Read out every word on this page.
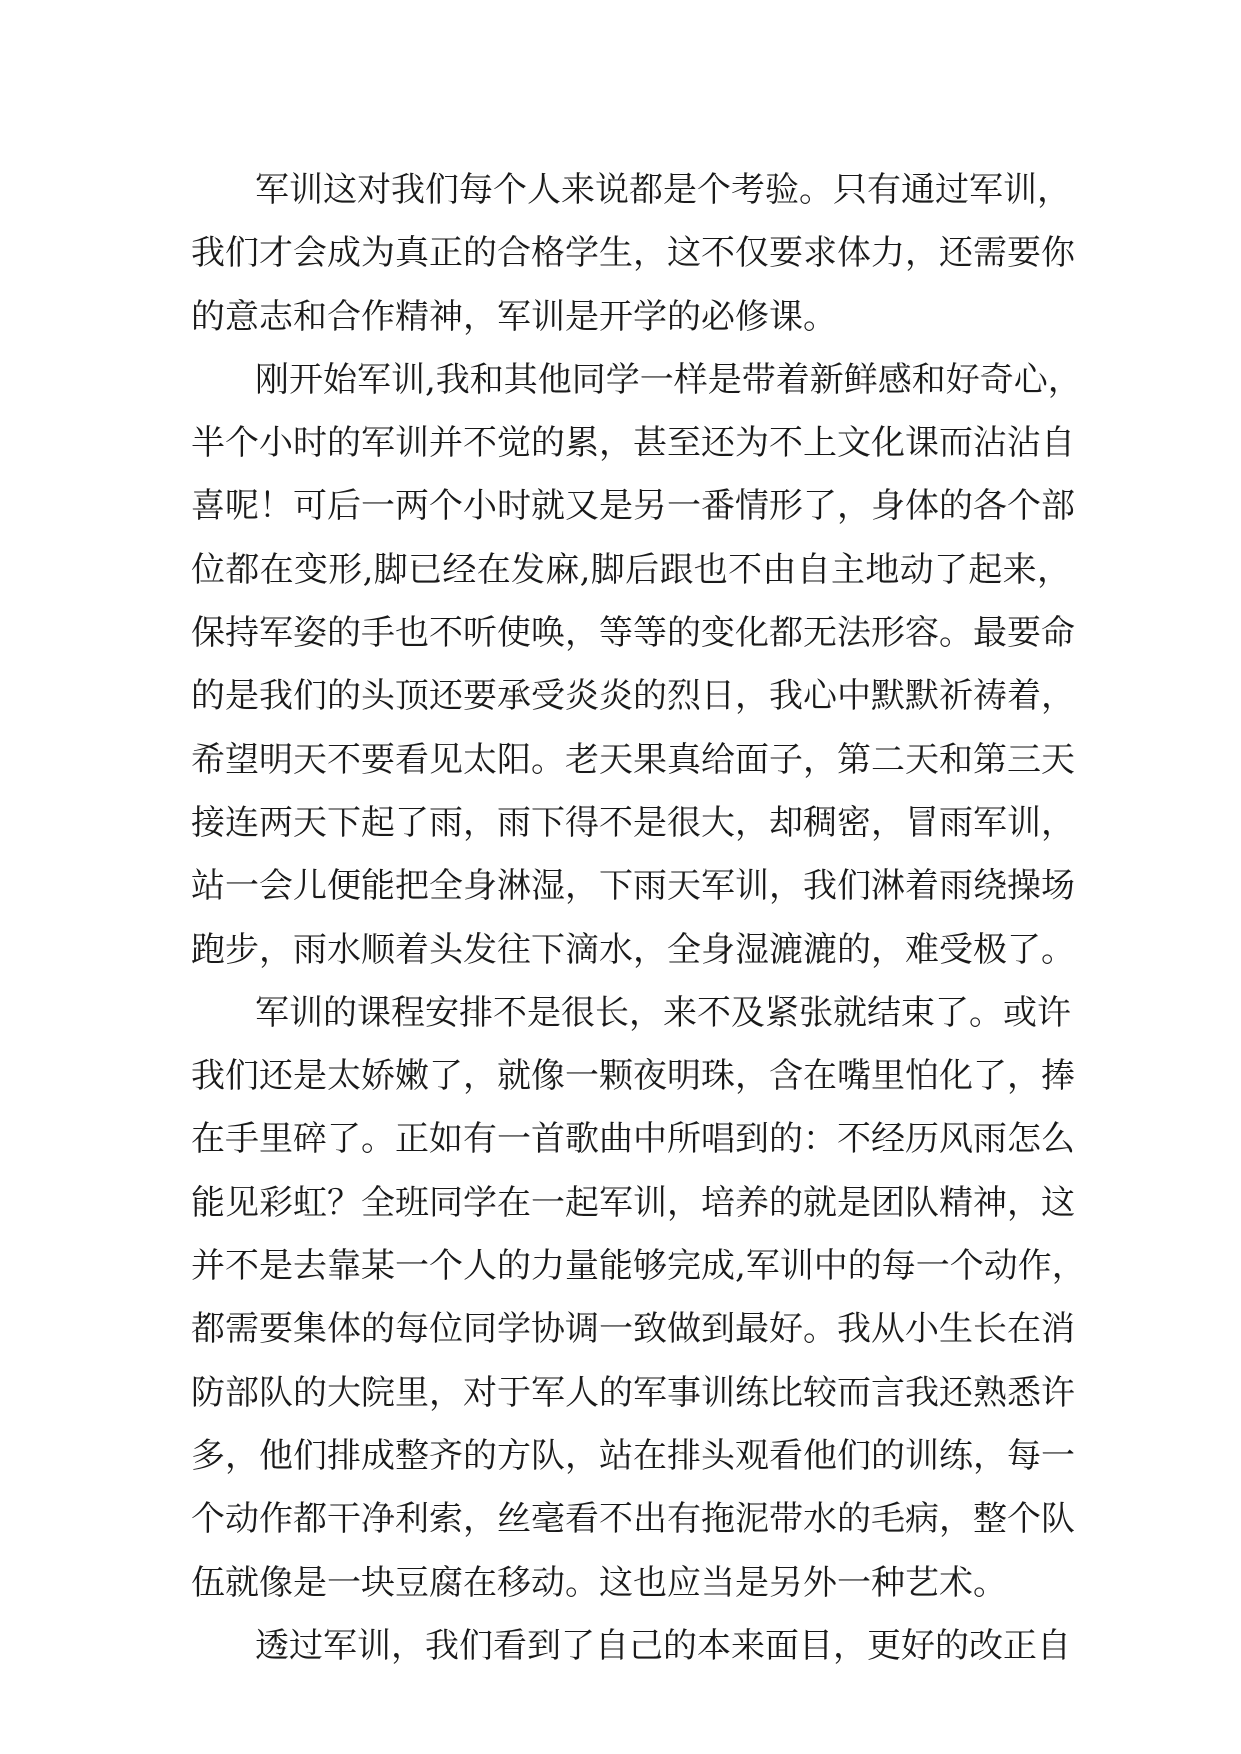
军训这对我们每个人来说都是个考验。只有通过军训，
我们才会成为真正的合格学生，这不仅要求体力，还需要你
的意志和合作精神，军训是开学的必修课。
刚开始军训,我和其他同学一样是带着新鲜感和好奇心，
半个小时的军训并不觉的累，甚至还为不上文化课而沾沾自
喜呢！可后一两个小时就又是另一番情形了，身体的各个部
位都在变形,脚已经在发麻,脚后跟也不由自主地动了起来，
保持军姿的手也不听使唤，等等的变化都无法形容。最要命
的是我们的头顶还要承受炎炎的烈日，我心中默默祈祷着，
希望明天不要看见太阳。老天果真给面子，第二天和第三天
接连两天下起了雨，雨下得不是很大，却稠密，冒雨军训，
站一会儿便能把全身淋湿，下雨天军训，我们淋着雨绕操场
跑步，雨水顺着头发往下滴水，全身湿漉漉的，难受极了。
军训的课程安排不是很长，来不及紧张就结束了。或许
我们还是太娇嫩了，就像一颗夜明珠，含在嘴里怕化了，捧
在手里碎了。正如有一首歌曲中所唱到的：不经历风雨怎么
能见彩虹？全班同学在一起军训，培养的就是团队精神，这
并不是去靠某一个人的力量能够完成,军训中的每一个动作，
都需要集体的每位同学协调一致做到最好。我从小生长在消
防部队的大院里，对于军人的军事训练比较而言我还熟悉许
多，他们排成整齐的方队，站在排头观看他们的训练，每一
个动作都干净利索，丝毫看不出有拖泥带水的毛病，整个队
伍就像是一块豆腐在移动。这也应当是另外一种艺术。
透过军训，我们看到了自己的本来面目，更好的改正自
